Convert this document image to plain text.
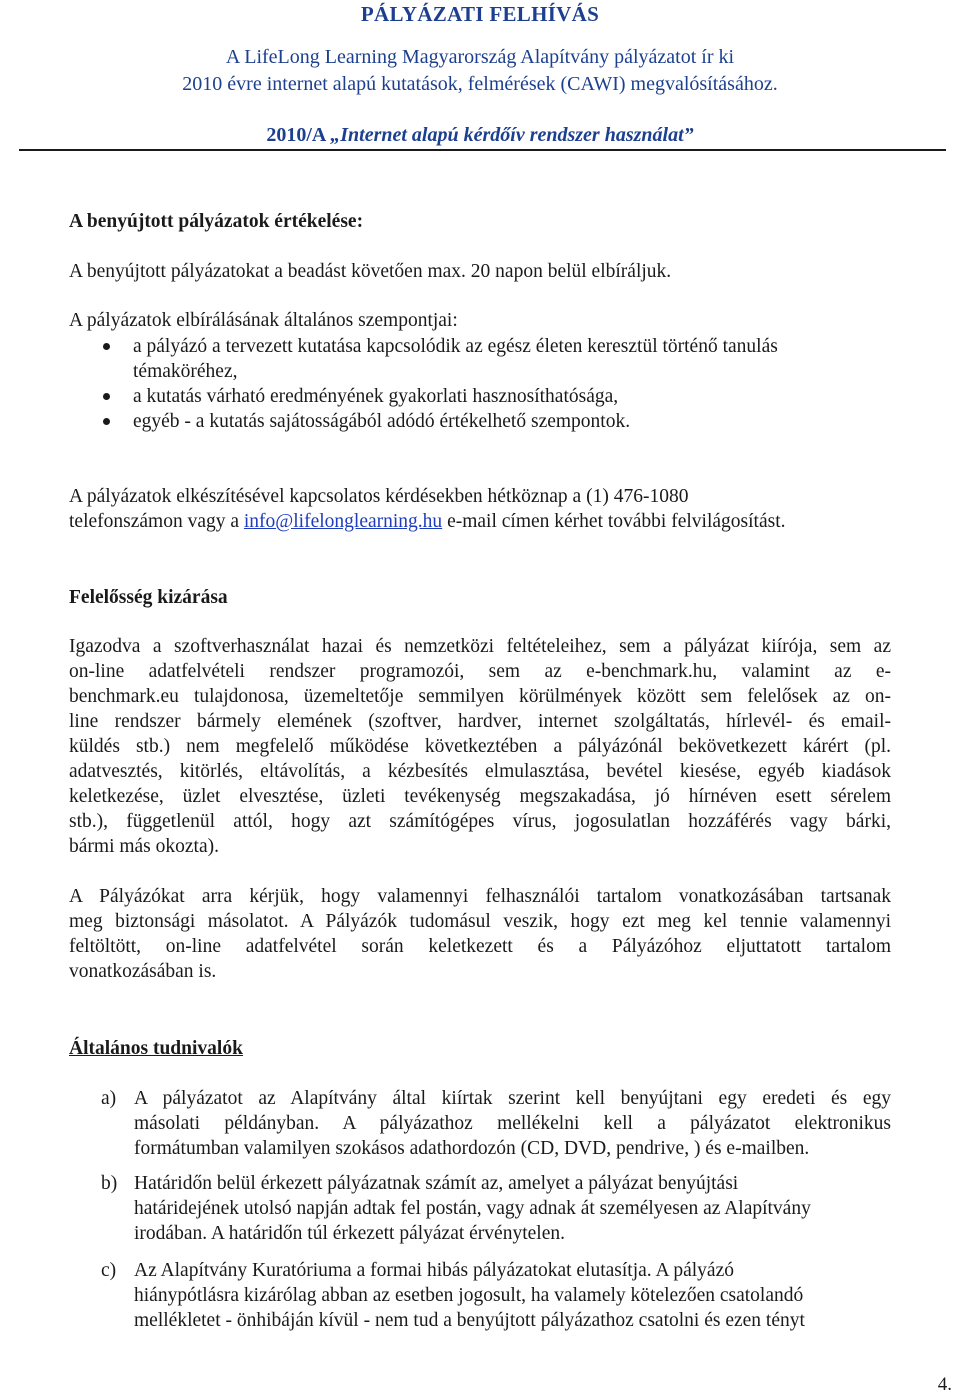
PÁLYÁZATI FELHÍVÁS
A LifeLong Learning Magyarország Alapítvány pályázatot ír ki
2010 évre internet alapú kutatások, felmérések (CAWI) megvalósításához.
2010/A „Internet alapú kérdőív rendszer használat”
A benyújtott pályázatok értékelése:
A benyújtott pályázatokat a beadást követően max. 20 napon belül elbíráljuk.
A pályázatok elbírálásának általános szempontjai:
a pályázó a tervezett kutatása kapcsolódik az egész életen keresztül történő tanulás
témaköréhez,
a kutatás várható eredményének gyakorlati hasznosíthatósága,
egyéb - a kutatás sajátosságából adódó értékelhető szempontok.
A pályázatok elkészítésével kapcsolatos kérdésekben hétköznap a (1) 476-1080
telefonszámon vagy a info@lifelonglearning.hu e-mail címen kérhet további felvilágosítást.
Felelősség kizárása
Igazodva a szoftverhasználat hazai és nemzetközi feltételeihez, sem a pályázat kiírója, sem az
on-line adatfelvételi rendszer programozói, sem az e-benchmark.hu, valamint az e-
benchmark.eu tulajdonosa, üzemeltetője semmilyen körülmények között sem felelősek az on-
line rendszer bármely elemének (szoftver, hardver, internet szolgáltatás, hírlevél- és email-
küldés stb.) nem megfelelő működése következtében a pályázónál bekövetkezett kárért (pl.
adatvesztés, kitörlés, eltávolítás, a kézbesítés elmulasztása, bevétel kiesése, egyéb kiadások
keletkezése, üzlet elvesztése, üzleti tevékenység megszakadása, jó hírnéven esett sérelem
stb.), függetlenül attól, hogy azt számítógépes vírus, jogosulatlan hozzáférés vagy bárki,
bármi más okozta).
A Pályázókat arra kérjük, hogy valamennyi felhasználói tartalom vonatkozásában tartsanak
meg biztonsági másolatot. A Pályázók tudomásul veszik, hogy ezt meg kel tennie valamennyi
feltöltött, on-line adatfelvétel során keletkezett és a Pályázóhoz eljuttatott tartalom
vonatkozásában is.
Általános tudnivalók
a) A pályázatot az Alapítvány által kiírtak szerint kell benyújtani egy eredeti és egy
másolati példányban. A pályázathoz mellékelni kell a pályázatot elektronikus
formátumban valamilyen szokásos adathordozón (CD, DVD, pendrive, ) és e-mailben.
b) Határidőn belül érkezett pályázatnak számít az, amelyet a pályázat benyújtási
határidejének utolsó napján adtak fel postán, vagy adnak át személyesen az Alapítvány
irodában. A határidőn túl érkezett pályázat érvénytelen.
c) Az Alapítvány Kuratóriuma a formai hibás pályázatokat elutasítja. A pályázó
hiánypótlásra kizárólag abban az esetben jogosult, ha valamely kötelezően csatolandó
mellékletet - önhibáján kívül - nem tud a benyújtott pályázathoz csatolni és ezen tényt
4.
